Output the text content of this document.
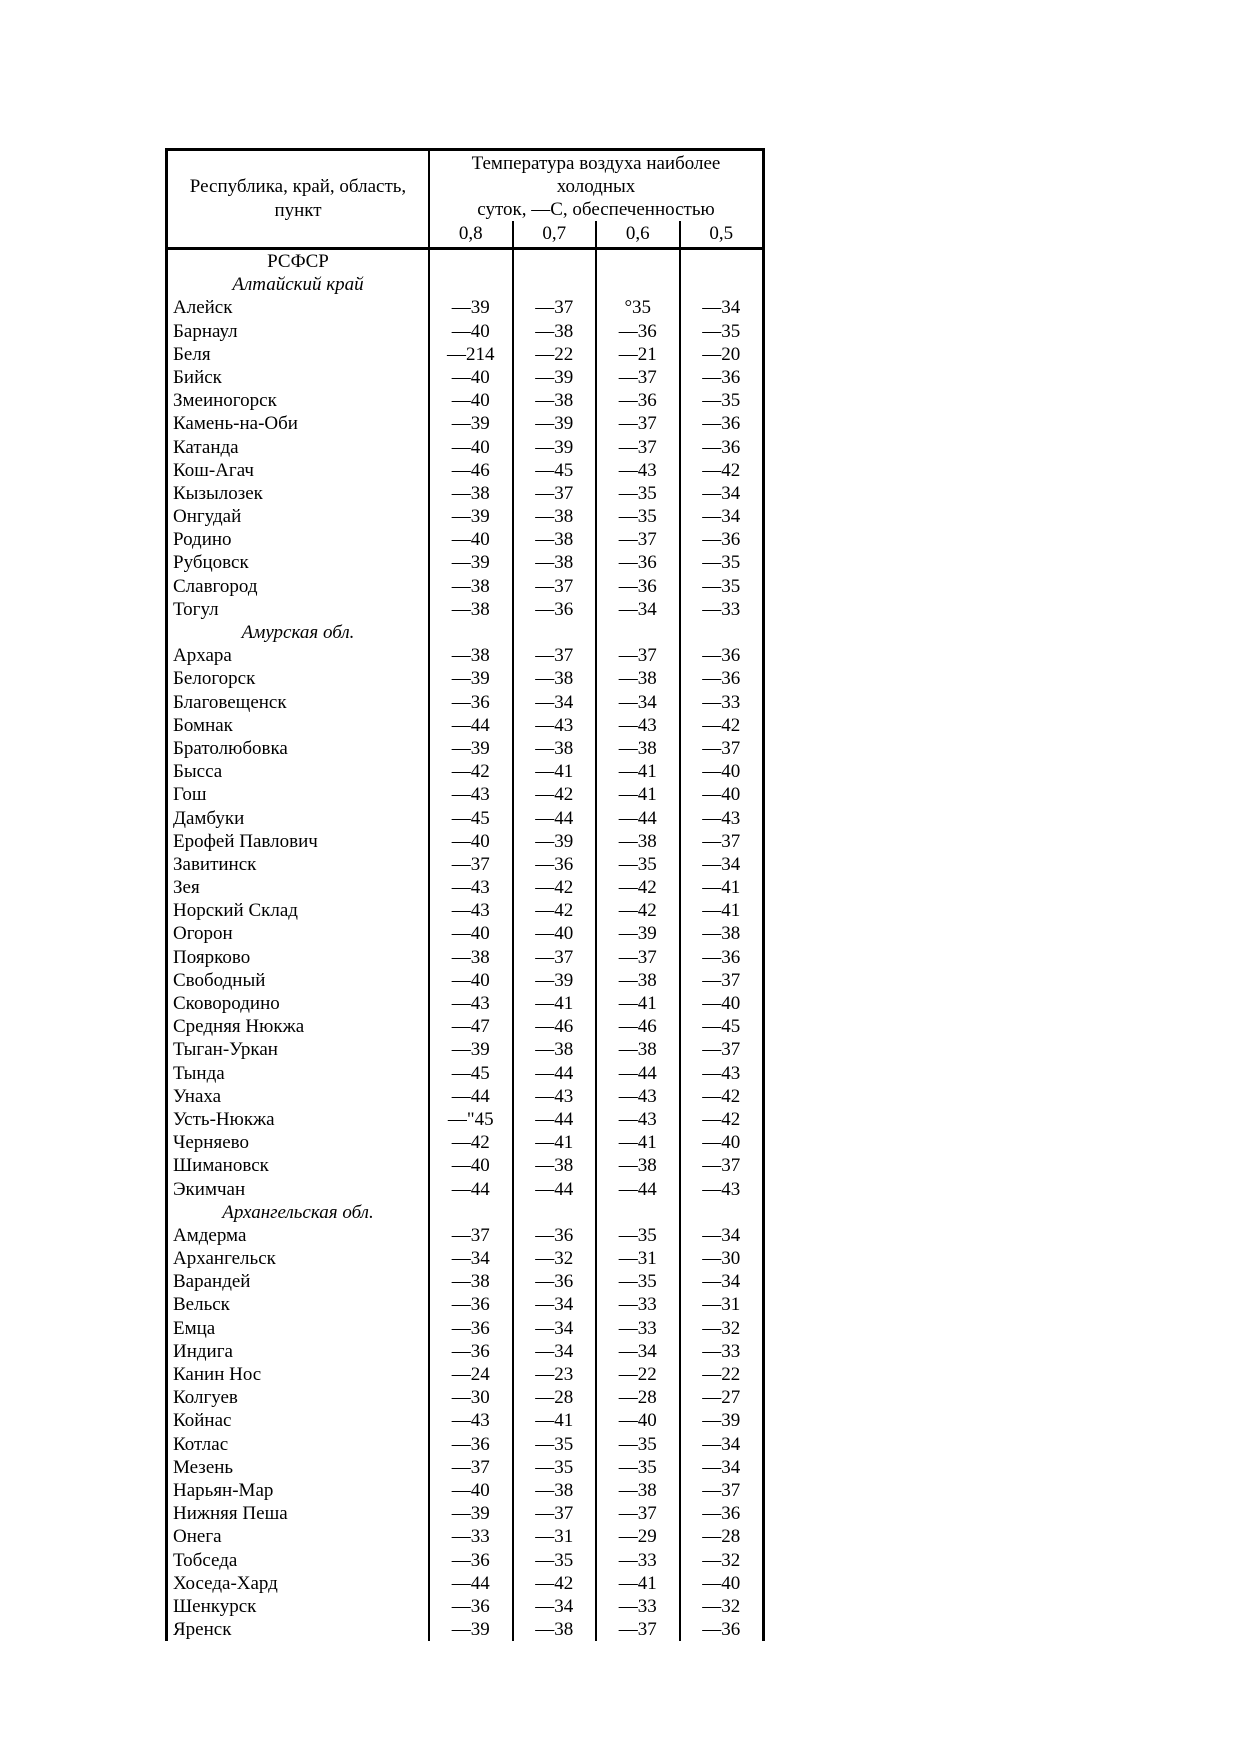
Республика, край, область,
пункт
Температура воздуха наиболее холодных
суток, —С, обеспеченностью
0,8	0,7	0,6	0,5
РСФСР
Алтайский край
Алейск	—39	—37	°35	—34
Барнаул	—40	—38	—36	—35
Беля	—214	—22	—21	—20
Бийск	—40	—39	—37	—36
Змеиногорск	—40	—38	—36	—35
Камень-на-Оби	—39	—39	—37	—36
Катанда	—40	—39	—37	—36
Кош-Агач	—46	—45	—43	—42
Кызылозек	—38	—37	—35	—34
Онгудай	—39	—38	—35	—34
Родино	—40	—38	—37	—36
Рубцовск	—39	—38	—36	—35
Славгород	—38	—37	—36	—35
Тогул	—38	—36	—34	—33
Амурская обл.
Архара	—38	—37	—37	—36
Белогорск	—39	—38	—38	—36
Благовещенск	—36	—34	—34	—33
Бомнак	—44	—43	—43	—42
Братолюбовка	—39	—38	—38	—37
Бысса	—42	—41	—41	—40
Гош	—43	—42	—41	—40
Дамбуки	—45	—44	—44	—43
Ерофей Павлович	—40	—39	—38	—37
Завитинск	—37	—36	—35	—34
Зея	—43	—42	—42	—41
Норский Склад	—43	—42	—42	—41
Огорон	—40	—40	—39	—38
Поярково	—38	—37	—37	—36
Свободный	—40	—39	—38	—37
Сковородино	—43	—41	—41	—40
Средняя Нюкжа	—47	—46	—46	—45
Тыган-Уркан	—39	—38	—38	—37
Тында	—45	—44	—44	—43
Унаха	—44	—43	—43	—42
Усть-Нюкжа	—"45	—44	—43	—42
Черняево	—42	—41	—41	—40
Шимановск	—40	—38	—38	—37
Экимчан	—44	—44	—44	—43
Архангельская обл.
Амдерма	—37	—36	—35	—34
Архангельск	—34	—32	—31	—30
Варандей	—38	—36	—35	—34
Вельск	—36	—34	—33	—31
Емца	—36	—34	—33	—32
Индига	—36	—34	—34	—33
Канин Нос	—24	—23	—22	—22
Колгуев	—30	—28	—28	—27
Койнас	—43	—41	—40	—39
Котлас	—36	—35	—35	—34
Мезень	—37	—35	—35	—34
Нарьян-Мар	—40	—38	—38	—37
Нижняя Пеша	—39	—37	—37	—36
Онега	—33	—31	—29	—28
Тобседа	—36	—35	—33	—32
Хоседа-Хард	—44	—42	—41	—40
Шенкурск	—36	—34	—33	—32
Яренск	—39	—38	—37	—36
